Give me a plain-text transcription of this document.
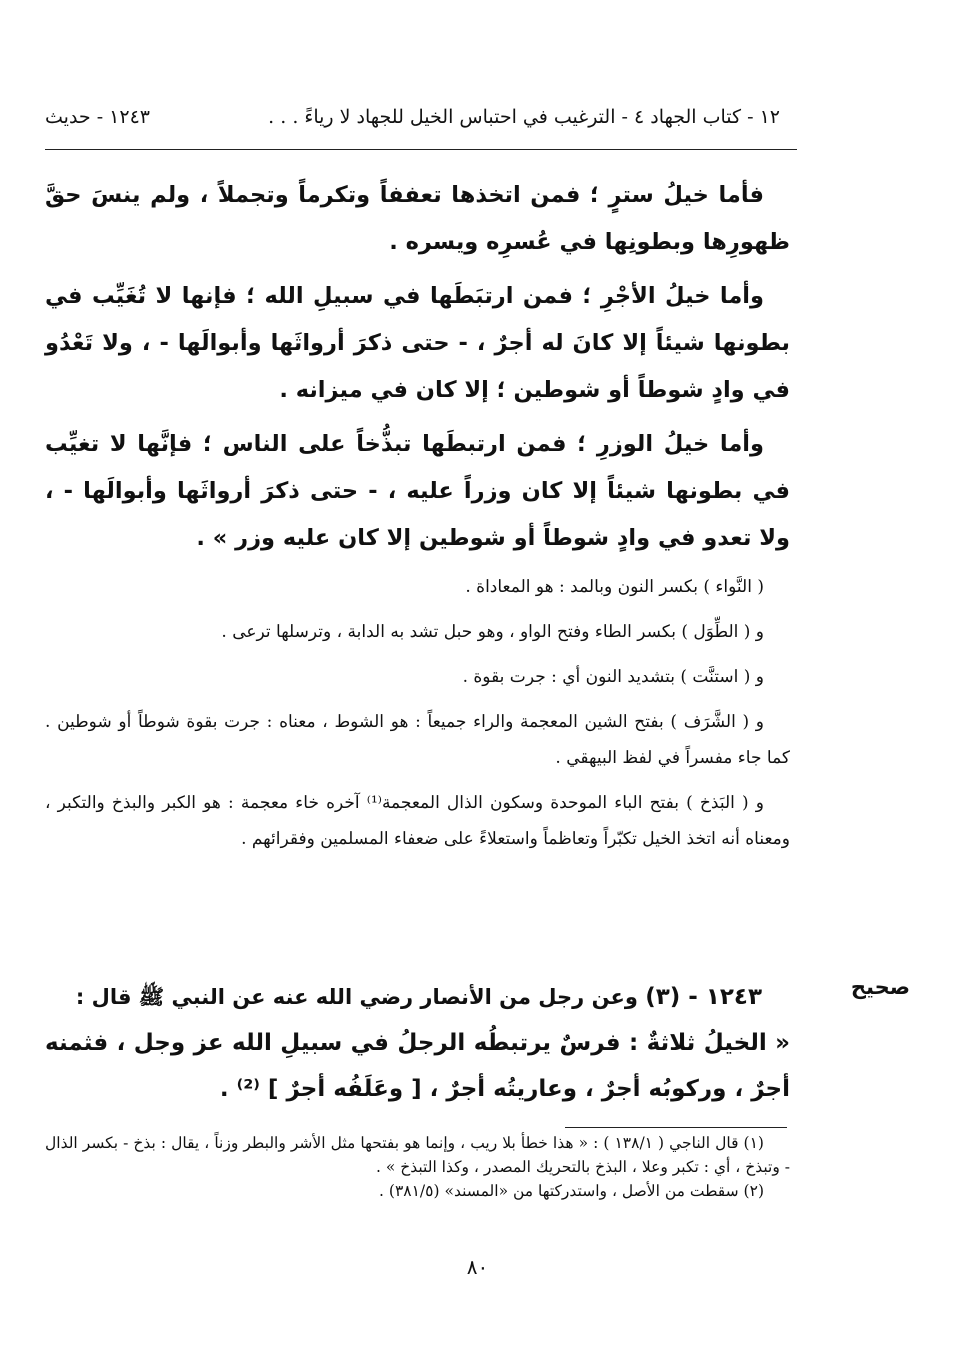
١٢ - كتاب الجهاد ٤ - الترغيب في احتباس الخيل للجهاد لا رياءً . . .
١٢٤٣ - حديث

فأما خيلُ سترٍ ؛ فمن اتخذها تعففاً وتكرماً وتجملاً ، ولم ينسَ حقَّ ظهورِها وبطونِها في عُسرِه ويسره .

وأما خيلُ الأجْرِ ؛ فمن ارتبَطَها في سبيلِ الله ؛ فإنها لا تُغَيِّب في بطونها شيئاً إلا كانَ له أجرٌ ، - حتى ذكرَ أرواثَها وأبوالَها - ، ولا تَعْدُو في وادٍ شوطاً أو شوطين ؛ إلا كان في ميزانه .

وأما خيلُ الوزرِ ؛ فمن ارتبطَها تبذُّخاً على الناس ؛ فإنَّها لا تغيِّب في بطونها شيئاً إلا كان وزراً عليه ، - حتى ذكرَ أرواثَها وأبوالَها - ، ولا تعدو في وادٍ شوطاً أو شوطين إلا كان عليه وزر » .

( النَّواء ) بكسر النون وبالمد : هو المعاداة .

و ( الطِّوَل ) بكسر الطاء وفتح الواو ، وهو حبل تشد به الدابة ، وترسلها ترعى .

و ( استنَّت ) بتشديد النون أي : جرت بقوة .

و ( الشَّرَف ) بفتح الشين المعجمة والراء جميعاً : هو الشوط ، معناه : جرت بقوة شوطاً أو شوطين . كما جاء مفسراً في لفظ البيهقي .

و ( البَذخ ) بفتح الباء الموحدة وسكون الذال المعجمة⁽¹⁾ آخره خاء معجمة : هو الكبر والبذخ والتكبر ، ومعناه أنه اتخذ الخيل تكبّراً وتعاظماً واستعلاءً على ضعفاء المسلمين وفقرائهم .

صحيح

١٢٤٣ - (٣) وعن رجل من الأنصار رضي الله عنه عن النبي ﷺ قال :

« الخيلُ ثلاثةٌ : فرسٌ يرتبطُه الرجلُ في سبيلِ الله عز وجل ، فثمنه أجرٌ ، وركوبُه أجرٌ ، وعاريتُه أجرٌ ، [ وعَلَفُه أجرٌ ] ⁽²⁾ .

(١) قال الناجي ( ١٣٨/١ ) : « هذا خطأ بلا ريب ، وإنما هو بفتحها مثل الأشر والبطر وزناً ، يقال : بذخ - بكسر الذال - وتبذخ ، أي : تكبر وعلا ، البذخ بالتحريك المصدر ، وكذا التبذخ » .

(٢) سقطت من الأصل ، واستدركتها من «المسند» (٣٨١/٥) .

٨٠
